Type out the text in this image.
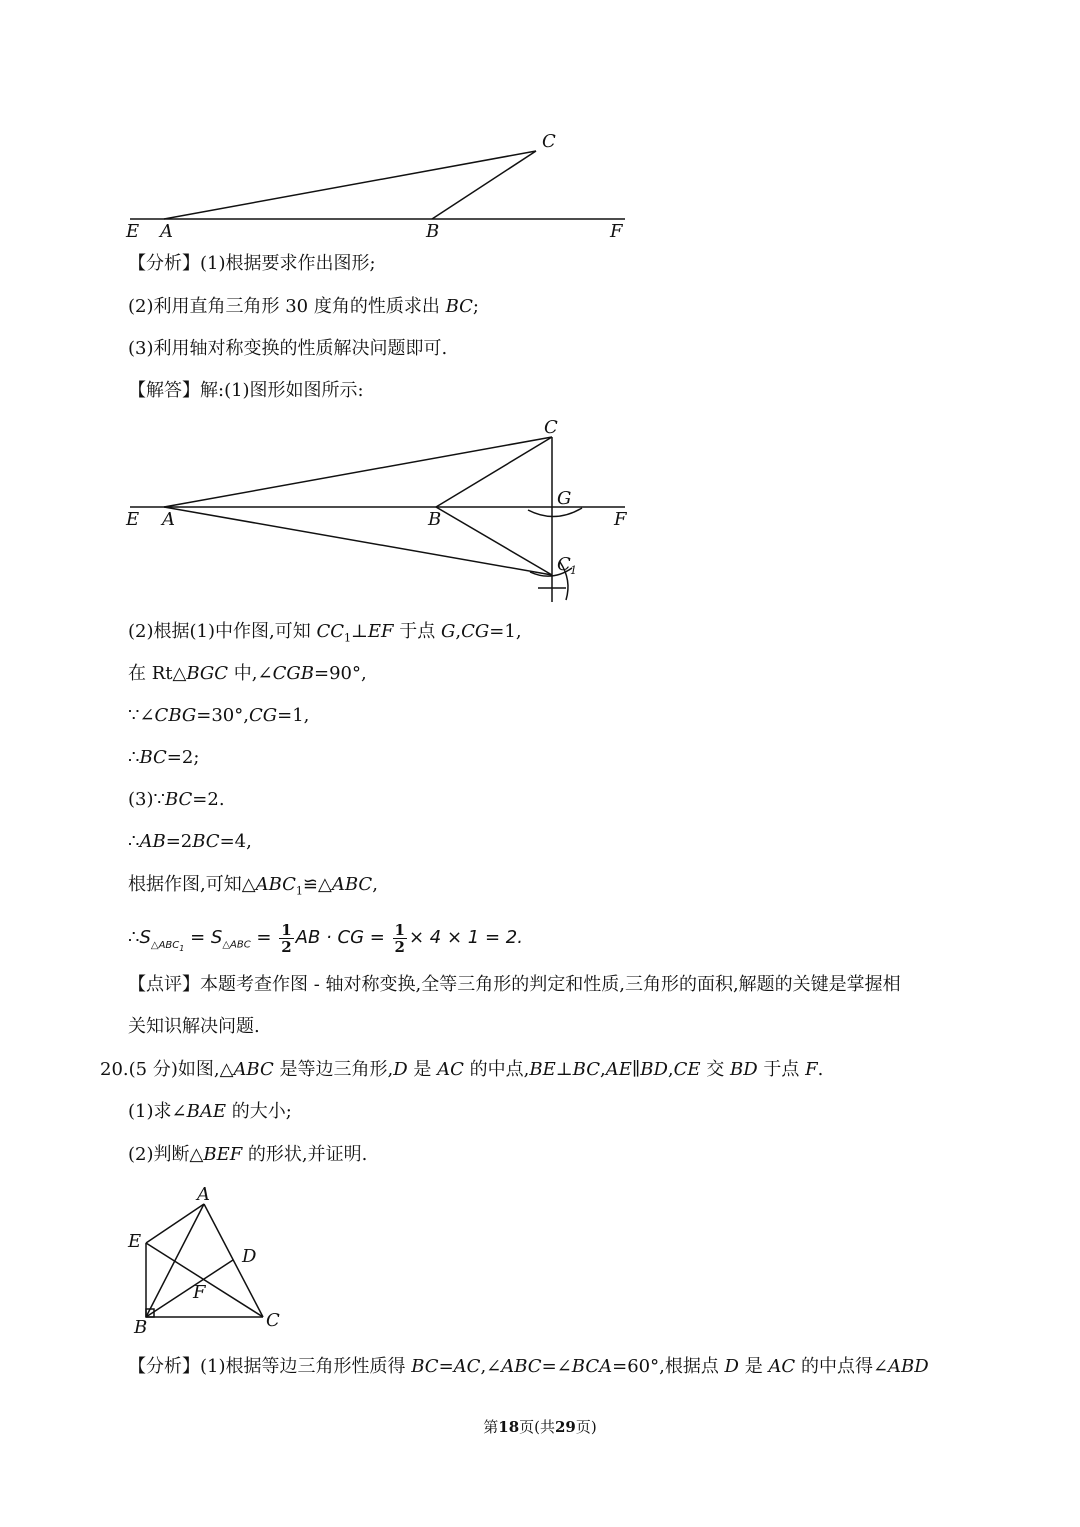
C
E A	B	F
【分析】(1)根据要求作出图形;
(2)利用直角三角形 30 度角的性质求出 BC;
(3)利用轴对称变换的性质解决问题即可.
【解答】解:(1)图形如图所示:
C
E A	B	F
G
C 1
(2)根据(1)中作图,可知 $CC_1\perp EF$ 于点 G,CG=1,
在 Rt△BGC 中,∠CGB=90°,
∵∠CBG=30°,CG=1,
∴BC=2;
(3)∵BC=2.
∴AB=2BC=4,
根据作图,可知$\triangle ABC_1≌\triangle ABC$,
$\therefore S_{\triangle ABC_1} = S_{\triangle ABC} = \frac{1}{2}$ AB · CG = $\frac{1}{2} \times 4 \times 1 = 2$.
【点评】本题考查作图 - 轴对称变换,全等三角形的判定和性质,三角形的面积,解题的关键是掌握相
关知识解决问题.
20.(5 分)如图,△ABC 是等边三角形,D 是 AC 的中点,BE⊥BC,AE∥BD,CE 交 BD 于点 F.
(1)求∠BAE 的大小;
(2)判断△BEF 的形状,并证明.
A
E
D
F
B	C
【分析】(1)根据等边三角形性质得 BC=AC,∠ABC=∠BCA=60°,根据点 D 是 AC 的中点得∠ABD
第18页(共29页)
